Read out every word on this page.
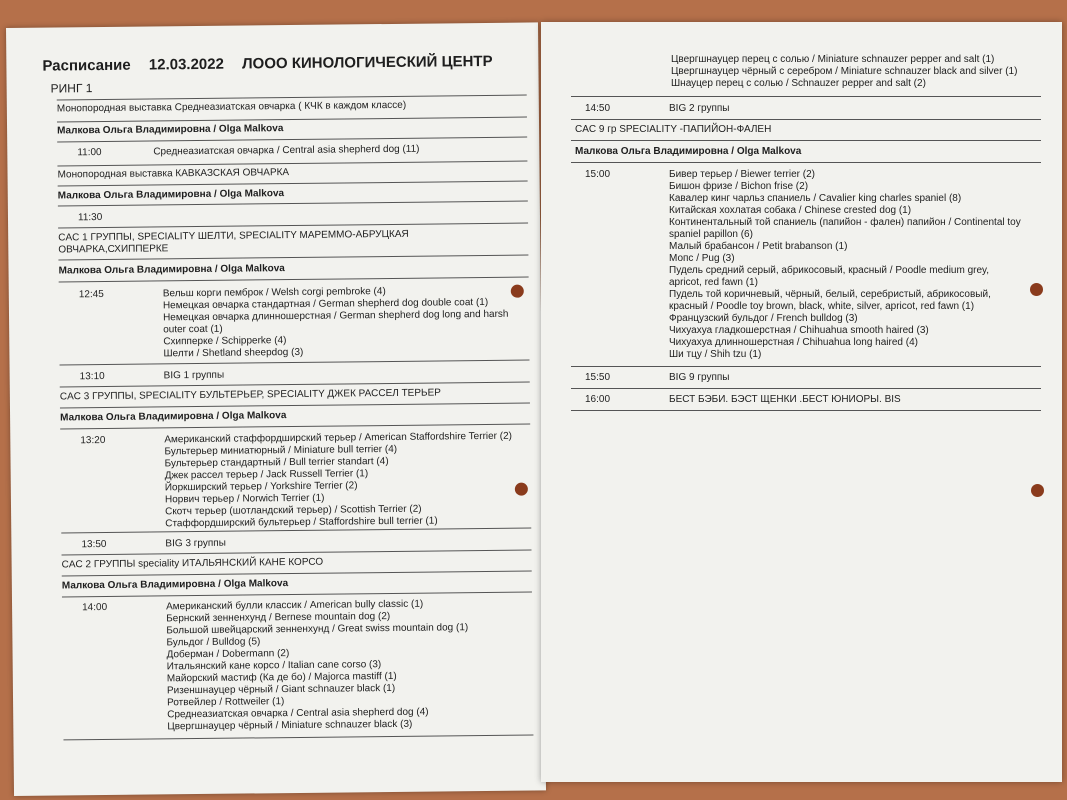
Расписание 12.03.2022 ЛООО КИНОЛОГИЧЕСКИЙ ЦЕНТР
РИНГ 1
Монопородная выставка Среднеазиатская овчарка ( КЧК в каждом классе)
Малкова Ольга Владимировна / Olga Malkova
11:00	Среднеазиатская овчарка / Central asia shepherd dog (11)
Монопородная выставка КАВКАЗСКАЯ ОВЧАРКА
Малкова Ольга Владимировна / Olga Malkova
11:30
CAC 1 ГРУППЫ, SPECIALITY ШЕЛТИ, SPECIALITY МАРЕММО-АБРУЦКАЯ
ОВЧАРКА,СХИППЕРКЕ
Малкова Ольга Владимировна / Olga Malkova
12:45	Вельш корги пемброк / Welsh corgi pembroke (4)
Немецкая овчарка стандартная / German shepherd dog double coat (1)
Немецкая овчарка длинношерстная / German shepherd dog long and harsh
outer coat (1)
Схипперке / Schipperke (4)
Шелти / Shetland sheepdog (3)
13:10	BIG 1 группы
CAC 3 ГРУППЫ, SPECIALITY БУЛЬТЕРЬЕР, SPECIALITY ДЖЕК РАССЕЛ ТЕРЬЕР
Малкова Ольга Владимировна / Olga Malkova
13:20	Американский стаффордширский терьер / American Staffordshire Terrier (2)
Бультерьер миниатюрный / Miniature bull terrier (4)
Бультерьер стандартный / Bull terrier standart (4)
Джек рассел терьер / Jack Russell Terrier (1)
Йоркширский терьер / Yorkshire Terrier (2)
Норвич терьер / Norwich Terrier (1)
Скотч терьер (шотландский терьер) / Scottish Terrier (2)
Стаффордширский бультерьер / Staffordshire bull terrier (1)
13:50	BIG 3 группы
CAC 2 ГРУППЫ speciality ИТАЛЬЯНСКИЙ КАНЕ КОРСО
Малкова Ольга Владимировна / Olga Malkova
14:00	Американский булли классик / American bully classic (1)
Бернский зенненхунд / Bernese mountain dog (2)
Большой швейцарский зенненхунд / Great swiss mountain dog (1)
Бульдог / Bulldog (5)
Доберман / Dobermann (2)
Итальянский кане корсо / Italian cane corso (3)
Майорский мастиф (Ка де бо) / Majorca mastiff (1)
Ризеншнауцер чёрный / Giant schnauzer black (1)
Ротвейлер / Rottweiler (1)
Среднеазиатская овчарка / Central asia shepherd dog (4)
Цвергшнауцер чёрный / Miniature schnauzer black (3)
Цвергшнауцер перец с солью / Miniature schnauzer pepper and salt (1)
Цвергшнауцер чёрный с серебром / Miniature schnauzer black and silver (1)
Шнауцер перец с солью / Schnauzer pepper and salt (2)
14:50	BIG 2 группы
CAC 9 гр SPECIALITY -ПАПИЙОН-ФАЛЕН
Малкова Ольга Владимировна / Olga Malkova
15:00	Бивер терьер / Biewer terrier (2)
Бишон фризе / Bichon frise (2)
Кавалер кинг чарльз спаниель / Cavalier king charles spaniel (8)
Китайская хохлатая собака / Chinese crested dog (1)
Континентальный той спаниель (папийон - фален) папийон / Continental toy
spaniel papillon (6)
Малый брабансон / Petit brabanson (1)
Мопс / Pug (3)
Пудель средний серый, абрикосовый, красный / Poodle medium grey,
apricot, red fawn (1)
Пудель той коричневый, чёрный, белый, серебристый, абрикосовый,
красный / Poodle toy brown, black, white, silver, apricot, red fawn (1)
Французский бульдог / French bulldog (3)
Чихуахуа гладкошерстная / Chihuahua smooth haired (3)
Чихуахуа длинношерстная / Chihuahua long haired (4)
Ши тцу / Shih tzu (1)
15:50	BIG 9 группы
16:00	БЕСТ БЭБИ. БЭСТ ЩЕНКИ .БЕСТ ЮНИОРЫ. BIS
